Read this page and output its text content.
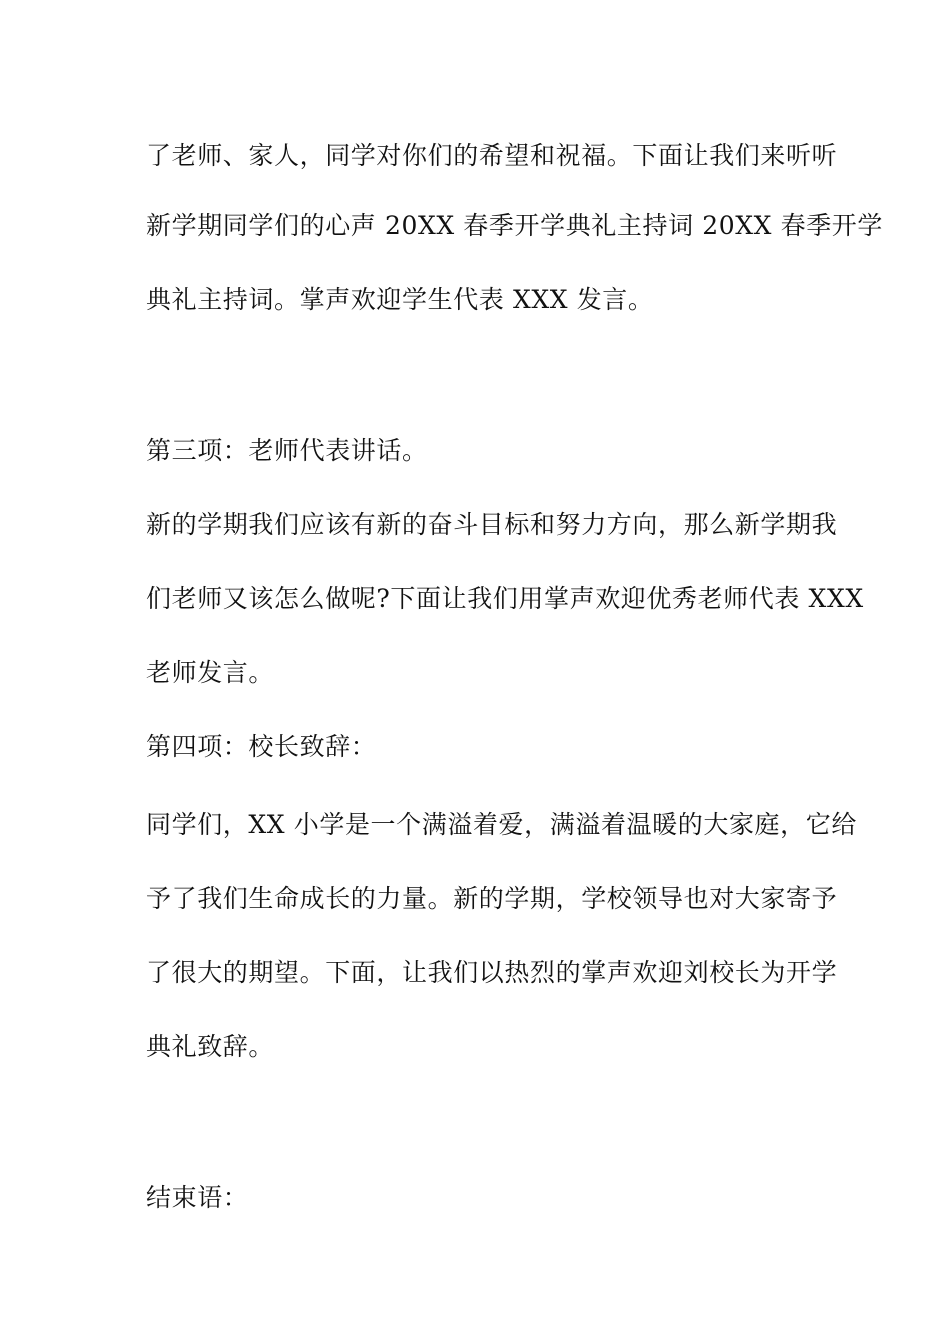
了老师、家人，同学对你们的希望和祝福。下面让我们来听听
新学期同学们的心声 20XX 春季开学典礼主持词 20XX 春季开学
典礼主持词。掌声欢迎学生代表 XXX 发言。
第三项：老师代表讲话。
新的学期我们应该有新的奋斗目标和努力方向，那么新学期我
们老师又该怎么做呢?下面让我们用掌声欢迎优秀老师代表 XXX
老师发言。
第四项：校长致辞：
同学们，XX 小学是一个满溢着爱，满溢着温暖的大家庭，它给
予了我们生命成长的力量。新的学期，学校领导也对大家寄予
了很大的期望。下面，让我们以热烈的掌声欢迎刘校长为开学
典礼致辞。
结束语：
